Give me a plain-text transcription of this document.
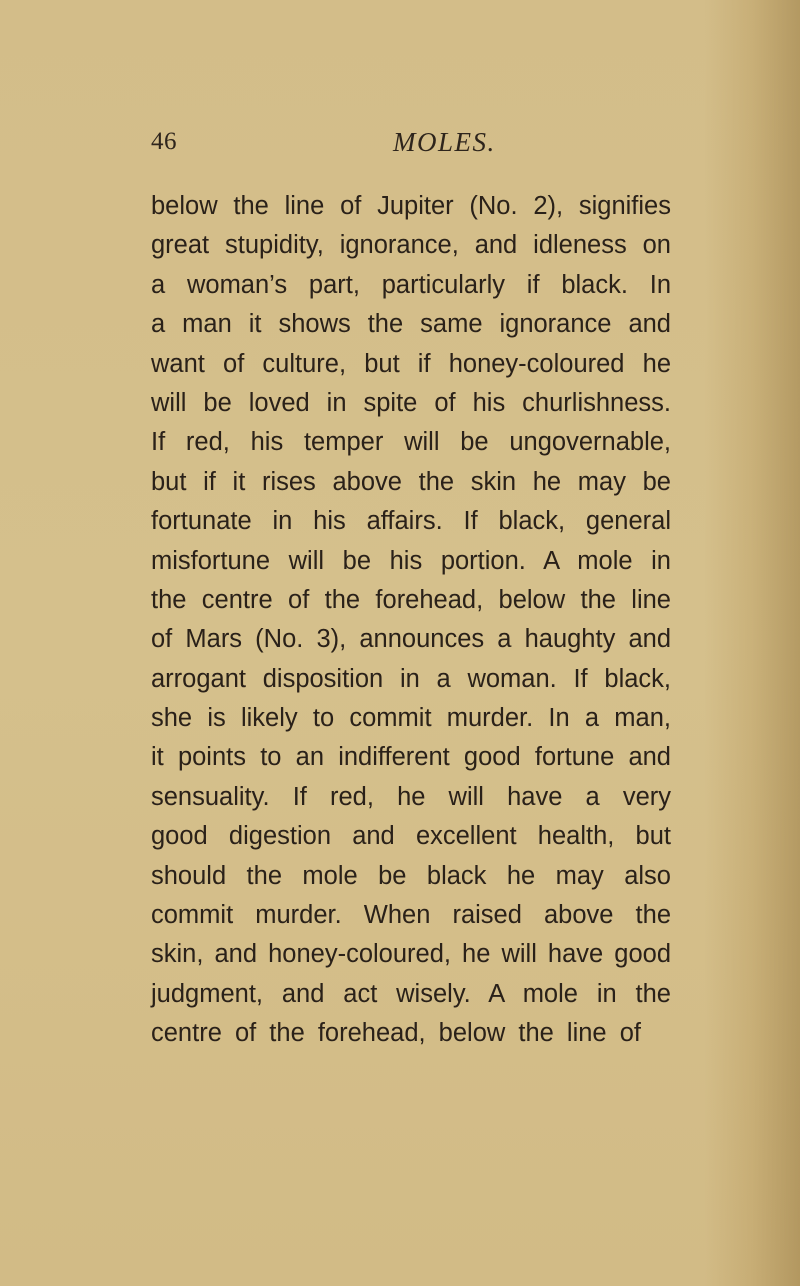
46	MOLES.
below the line of Jupiter (No. 2), signifies
great stupidity, ignorance, and idleness on
a woman’s part, particularly if black. In
a man it shows the same ignorance and
want of culture, but if honey-coloured he
will be loved in spite of his churlishness.
If red, his temper will be ungovernable,
but if it rises above the skin he may be
fortunate in his affairs. If black, general
misfortune will be his portion. A mole in
the centre of the forehead, below the line
of Mars (No. 3), announces a haughty and
arrogant disposition in a woman. If black,
she is likely to commit murder. In a man,
it points to an indifferent good fortune and
sensuality. If red, he will have a very
good digestion and excellent health, but
should the mole be black he may also
commit murder. When raised above the
skin, and honey-coloured, he will have good
judgment, and act wisely. A mole in the
centre of the forehead, below the line of
